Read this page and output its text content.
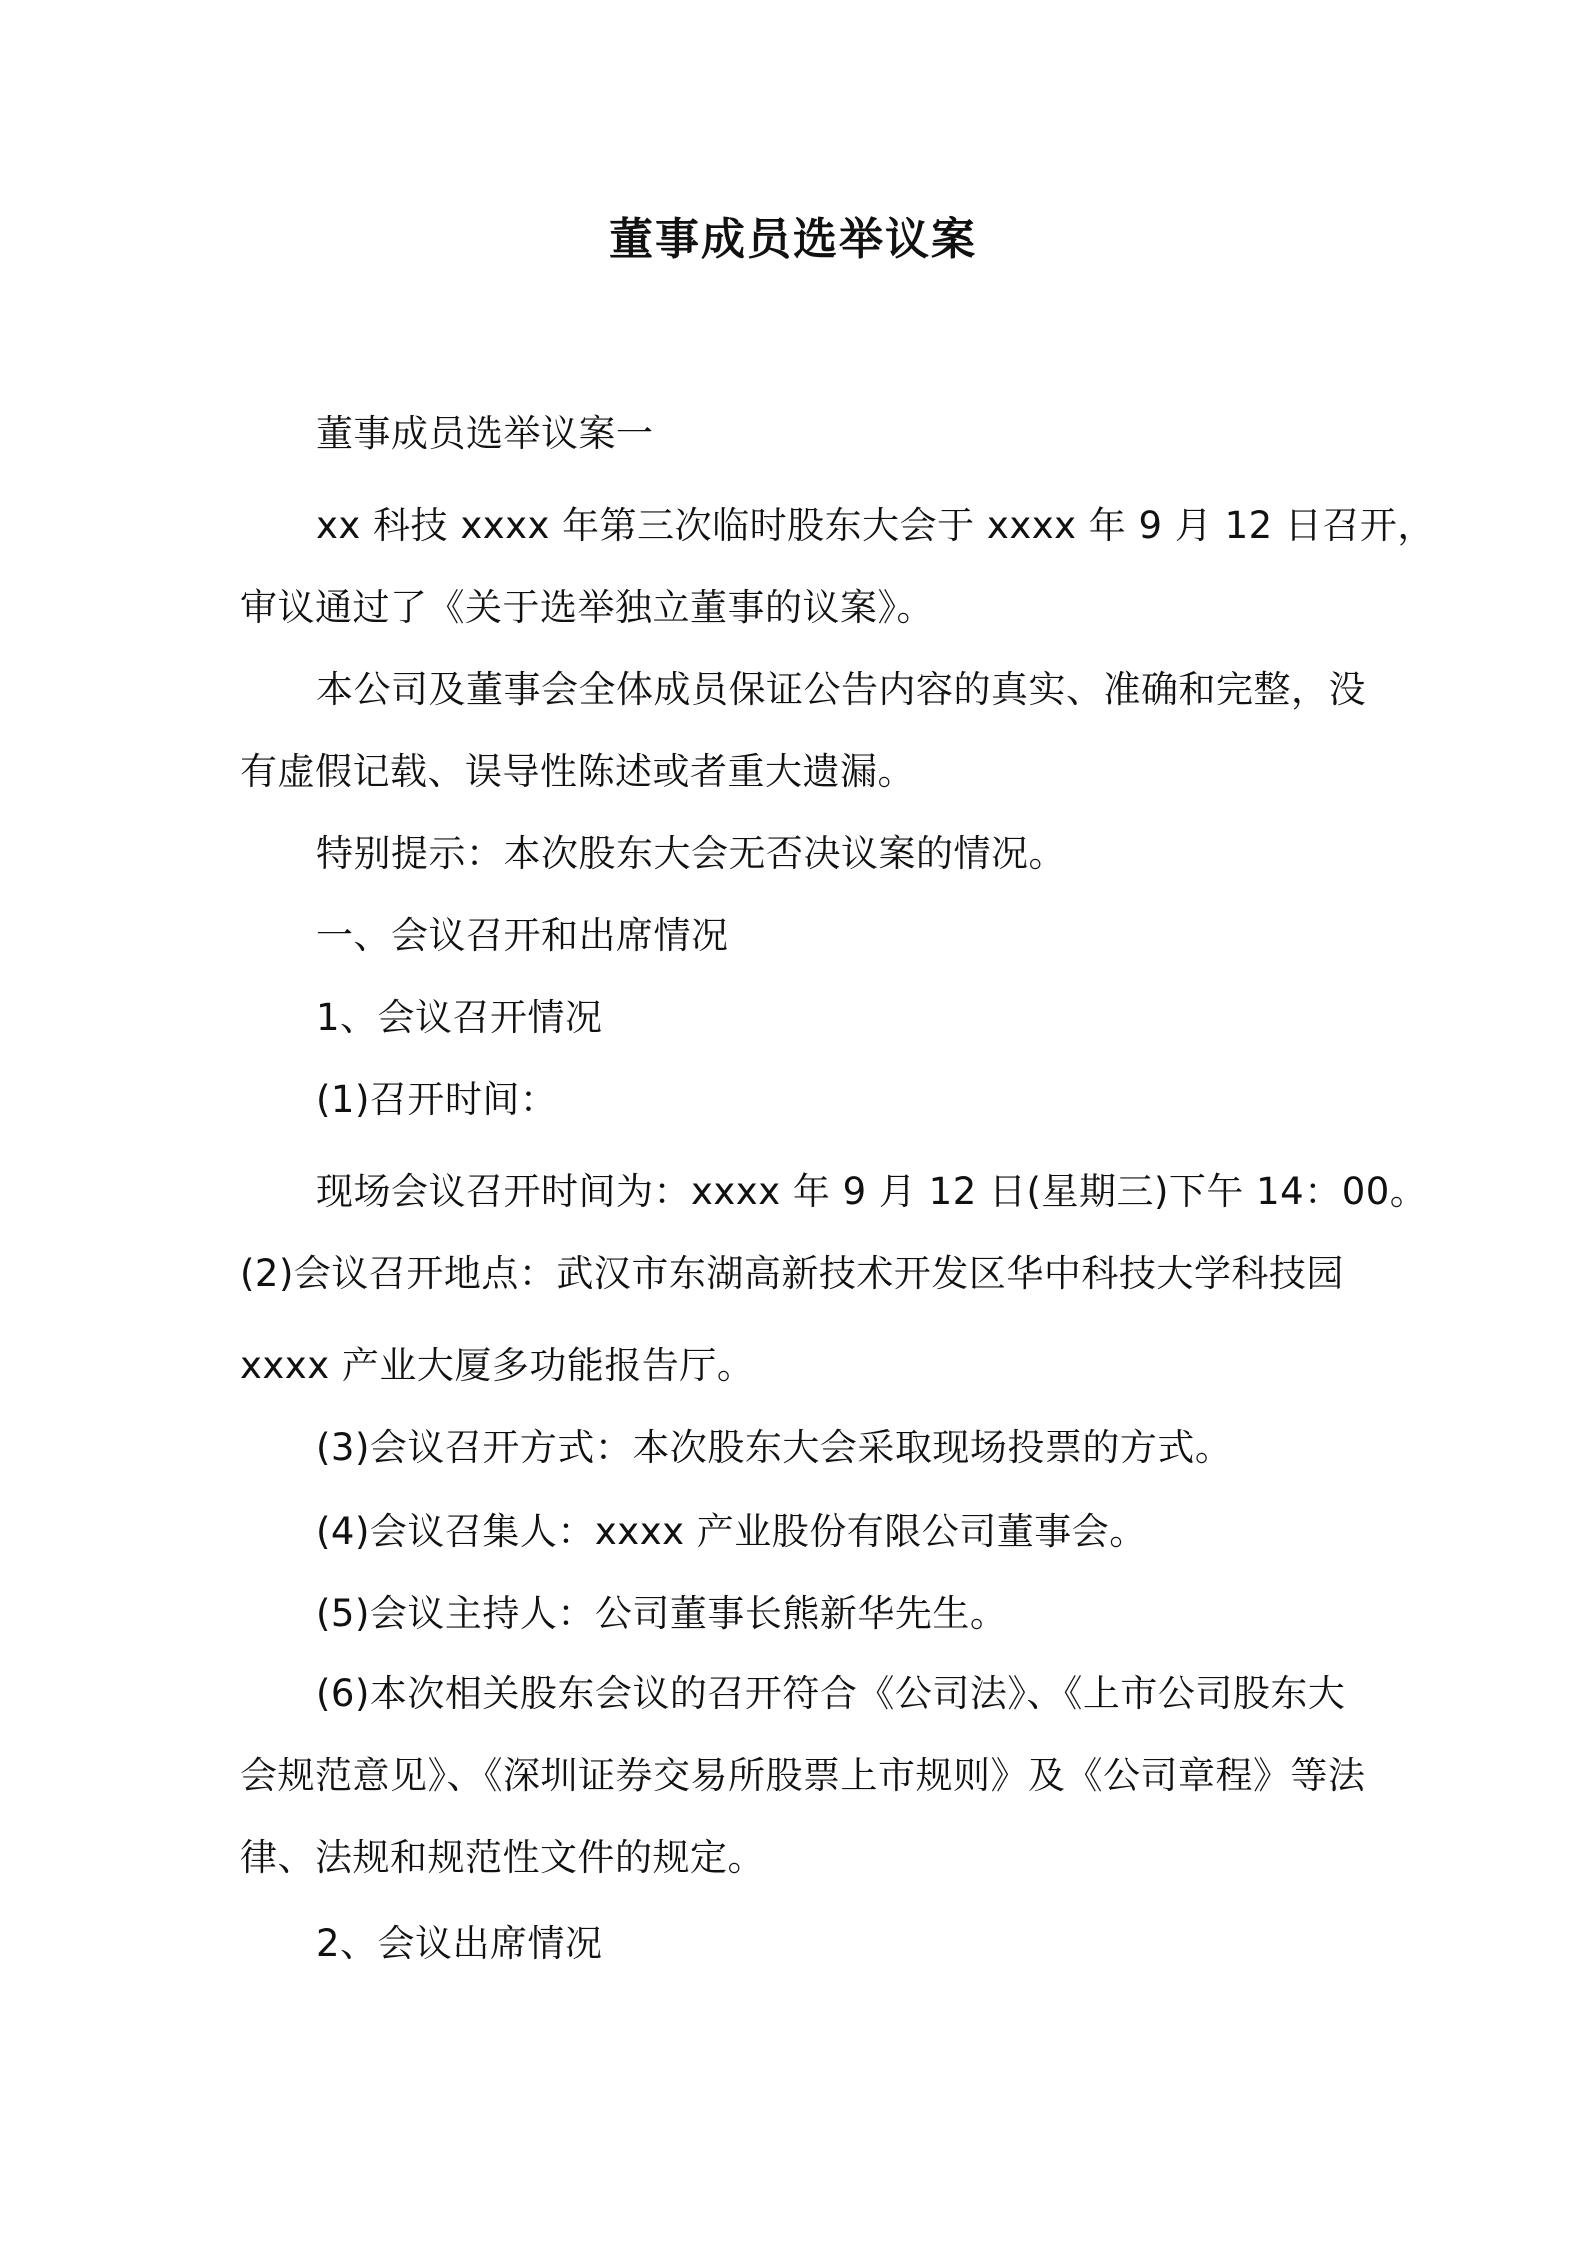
董事成员选举议案
董事成员选举议案一
xx 科技 xxxx 年第三次临时股东大会于 xxxx 年 9 月 12 日召开，
审议通过了《关于选举独立董事的议案》。
本公司及董事会全体成员保证公告内容的真实、准确和完整，没
有虚假记载、误导性陈述或者重大遗漏。
特别提示：本次股东大会无否决议案的情况。
一、会议召开和出席情况
1、会议召开情况
(1)召开时间：
现场会议召开时间为：xxxx 年 9 月 12 日(星期三)下午 14：00。
(2)会议召开地点：武汉市东湖高新技术开发区华中科技大学科技园
xxxx 产业大厦多功能报告厅。
(3)会议召开方式：本次股东大会采取现场投票的方式。
(4)会议召集人：xxxx 产业股份有限公司董事会。
(5)会议主持人：公司董事长熊新华先生。
(6)本次相关股东会议的召开符合《公司法》、《上市公司股东大
会规范意见》、《深圳证券交易所股票上市规则》及《公司章程》等法
律、法规和规范性文件的规定。
2、会议出席情况
